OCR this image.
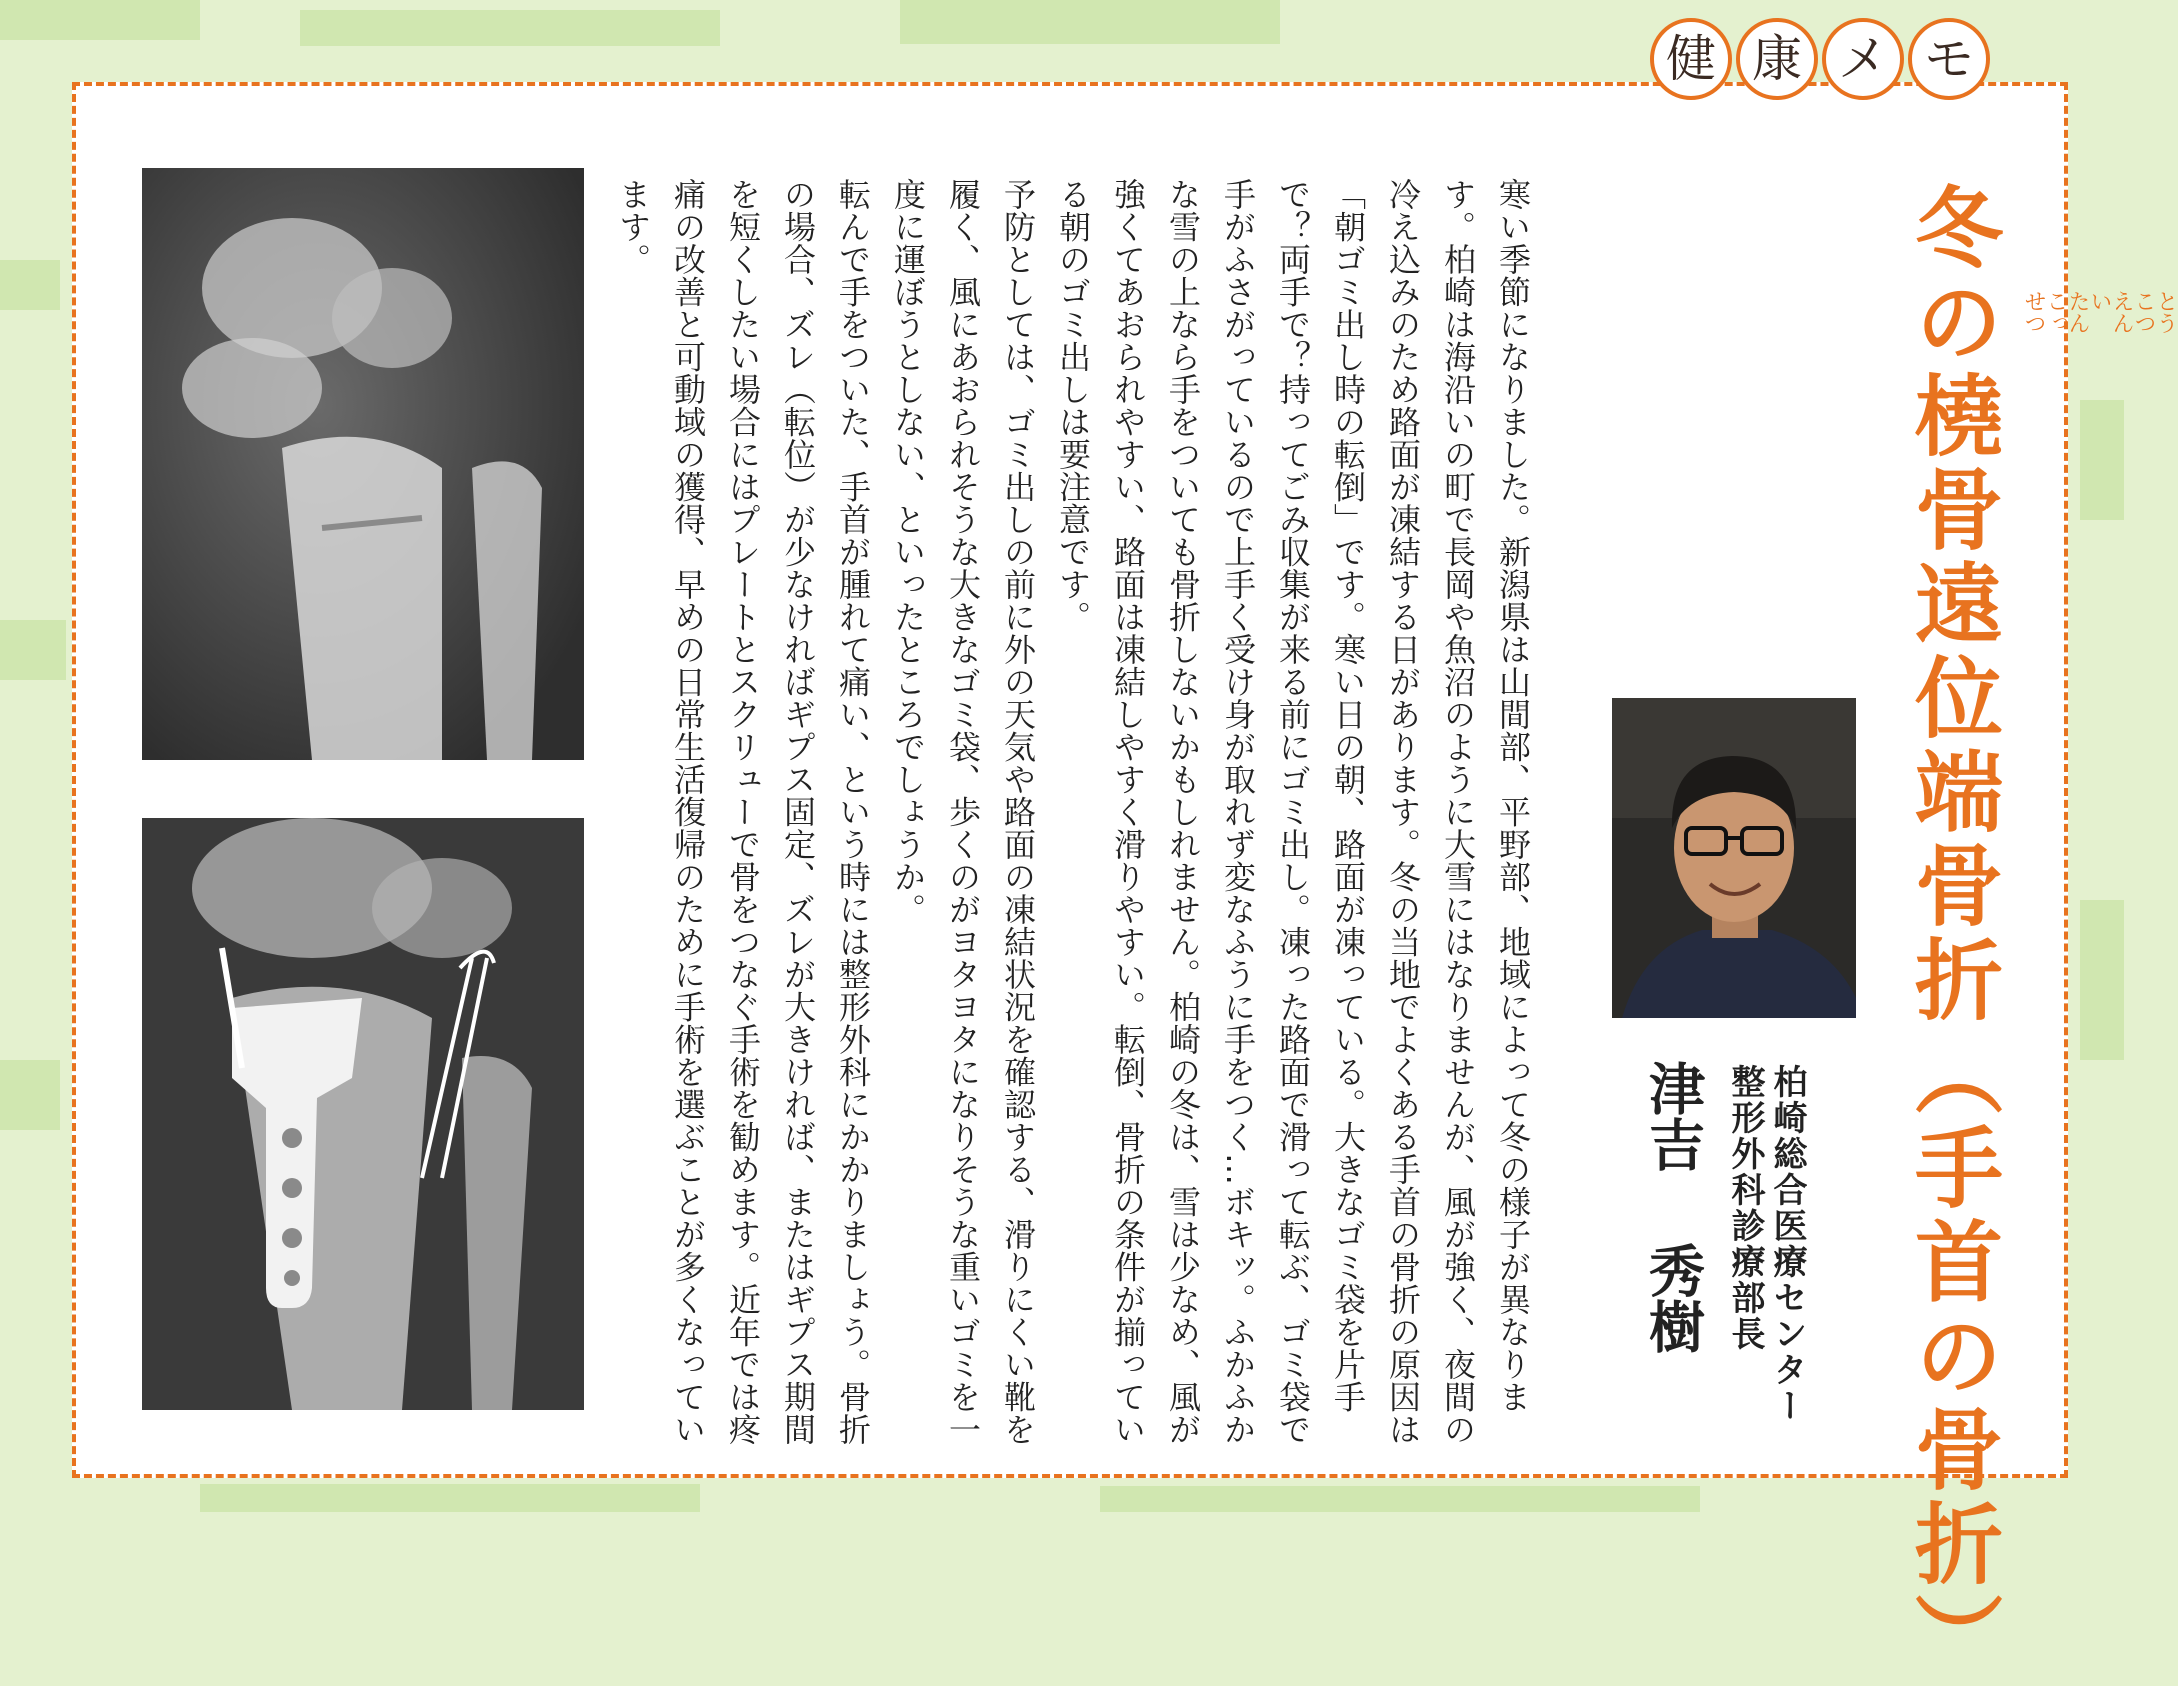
健 康 メ モ
冬の橈骨遠位端骨折（手首の骨折）	とう
こつ
えん
い
たん
こっ
せつ
柏崎総合医療センター
整形外科診療部長
津吉秀樹

寒い季節になりました。新潟県は山間部、平野部、地域によって冬の様子が異なります。柏崎は海沿いの町で長岡や魚沼のように大雪にはなりませんが、風が強く、夜間の冷え込みのため路面が凍結する日があります。冬の当地でよくある手首の骨折の原因は「朝ゴミ出し時の転倒」です。寒い日の朝、路面が凍っている。大きなゴミ袋を片手で？両手で？持ってごみ収集が来る前にゴミ出し。凍った路面で滑って転ぶ、ゴミ袋で手がふさがっているので上手く受け身が取れず変なふうに手をつく…ボキッ。ふかふかな雪の上なら手をついても骨折しないかもしれません。柏崎の冬は、雪は少なめ、風が強くてあおられやすい、路面は凍結しやすく滑りやすい。転倒、骨折の条件が揃っている朝のゴミ出しは要注意です。

予防としては、ゴミ出しの前に外の天気や路面の凍結状況を確認する、滑りにくい靴を履く、風にあおられそうな大きなゴミ袋、歩くのがヨタヨタになりそうな重いゴミを一度に運ぼうとしない、といったところでしょうか。

転んで手をついた、手首が腫れて痛い、という時には整形外科にかかりましょう。骨折の場合、ズレ（転位）が少なければギプス固定、ズレが大きければ、またはギプス期間を短くしたい場合にはプレートとスクリューで骨をつなぐ手術を勧めます。近年では疼痛の改善と可動域の獲得、早めの日常生活復帰のために手術を選ぶことが多くなっています。
